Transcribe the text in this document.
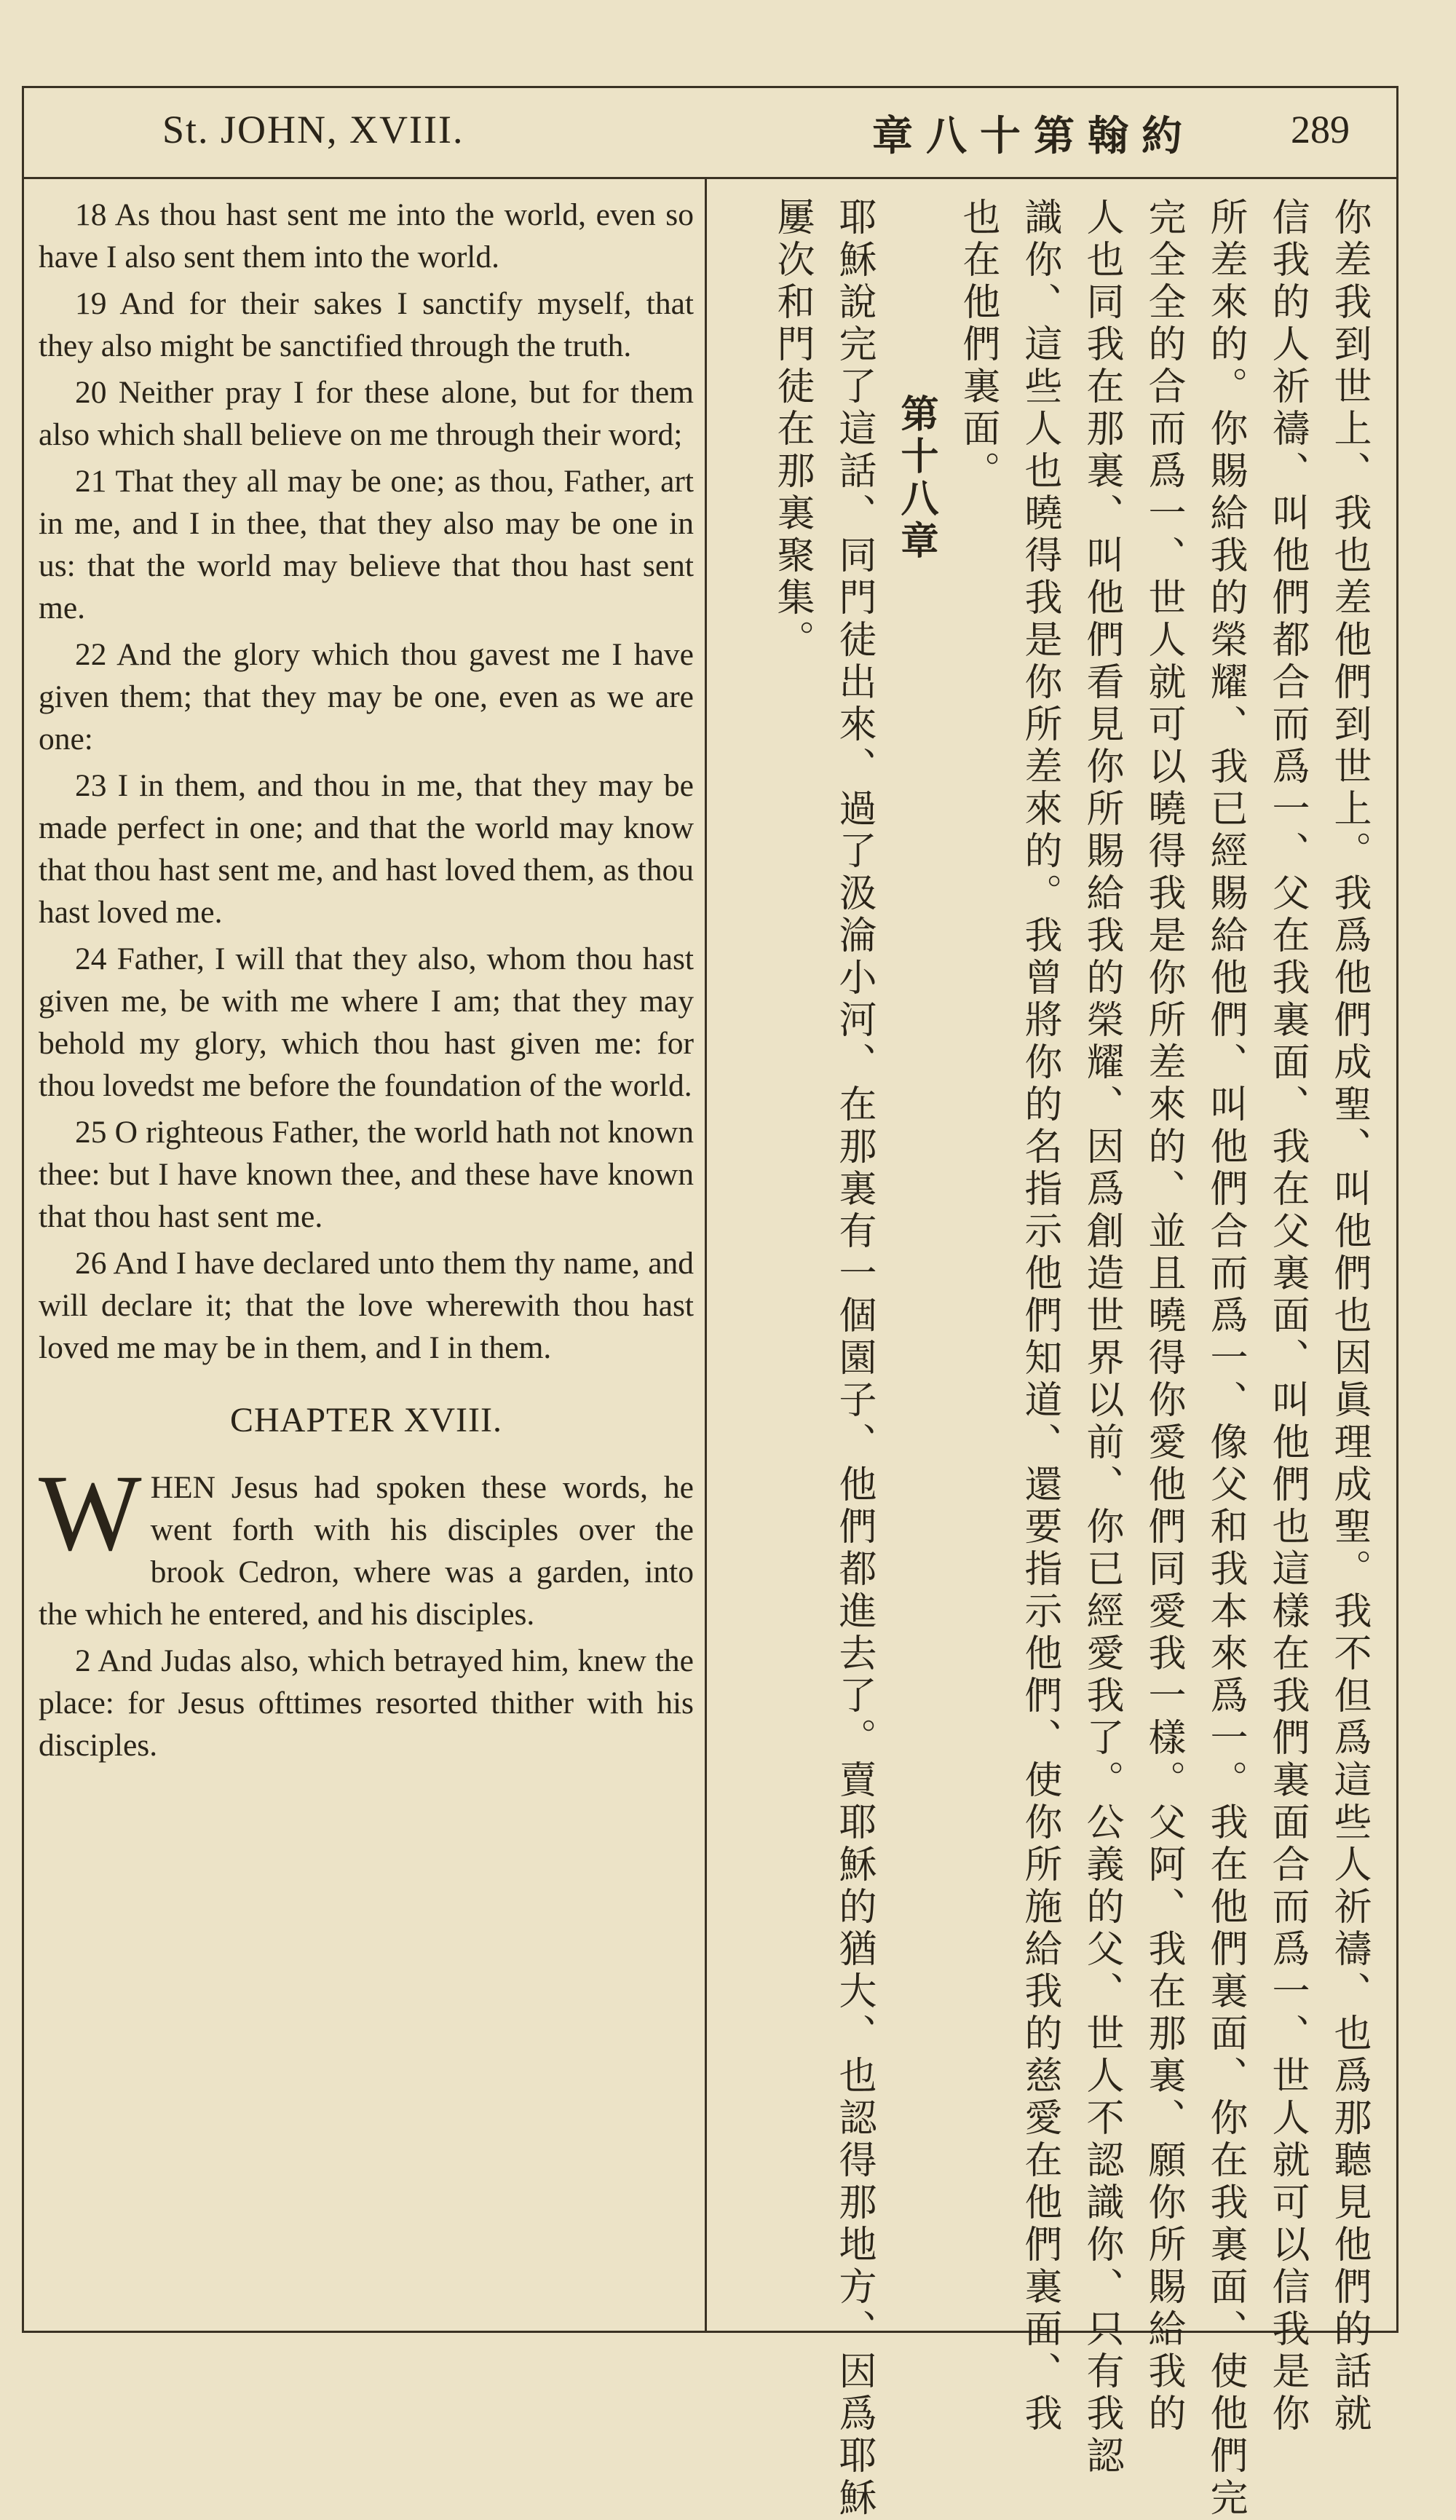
St. JOHN, XVIII.	約翰第十八章 289

18 As thou hast sent me into the world, even so have I also sent them into the world.

19 And for their sakes I sanctify myself, that they also might be sanctified through the truth.

20 Neither pray I for these alone, but for them also which shall believe on me through their word;

21 That they all may be one; as thou, Father, art in me, and I in thee, that they also may be one in us: that the world may believe that thou hast sent me.

22 And the glory which thou gavest me I have given them; that they may be one, even as we are one:

23 I in them, and thou in me, that they may be made perfect in one; and that the world may know that thou hast sent me, and hast loved them, as thou hast loved me.

24 Father, I will that they also, whom thou hast given me, be with me where I am; that they may behold my glory, which thou hast given me: for thou lovedst me before the foundation of the world.

25 O righteous Father, the world hath not known thee: but I have known thee, and these have known that thou hast sent me.

26 And I have declared unto them thy name, and will declare it; that the love wherewith thou hast loved me may be in them, and I in them.

CHAPTER XVIII.

WHEN Jesus had spoken these words, he went forth with his disciples over the brook Cedron, where was a garden, into the which he entered, and his disciples.

2 And Judas also, which betrayed him, knew the place: for Jesus ofttimes resorted thither with his disciples.	你差我到世上、我也差他們到世上。我爲他們成聖、叫他們也因眞理成聖。我不但爲這些人祈禱、也爲那聽見他們的話就
信我的人祈禱、叫他們都合而爲一、父在我裏面、我在父裏面、叫他們也這樣在我們裏面合而爲一、世人就可以信我是你
所差來的。你賜給我的榮耀、我已經賜給他們、叫他們合而爲一、像父和我本來爲一。我在他們裏面、你在我裏面、使他們完
完全全的合而爲一、世人就可以曉得我是你所差來的、並且曉得你愛他們同愛我一樣。父阿、我在那裏、願你所賜給我的
人也同我在那裏、叫他們看見你所賜給我的榮耀、因爲創造世界以前、你已經愛我了。公義的父、世人不認識你、只有我認
識你、這些人也曉得我是你所差來的。我曾將你的名指示他們知道、還要指示他們、使你所施給我的慈愛在他們裏面、我
也在他們裏面。
第十八章
耶穌說完了這話、同門徒出來、過了汲淪小河、在那裏有一個園子、他們都進去了。賣耶穌的猶大、也認得那地方、因爲耶穌
屢次和門徒在那裏聚集。
